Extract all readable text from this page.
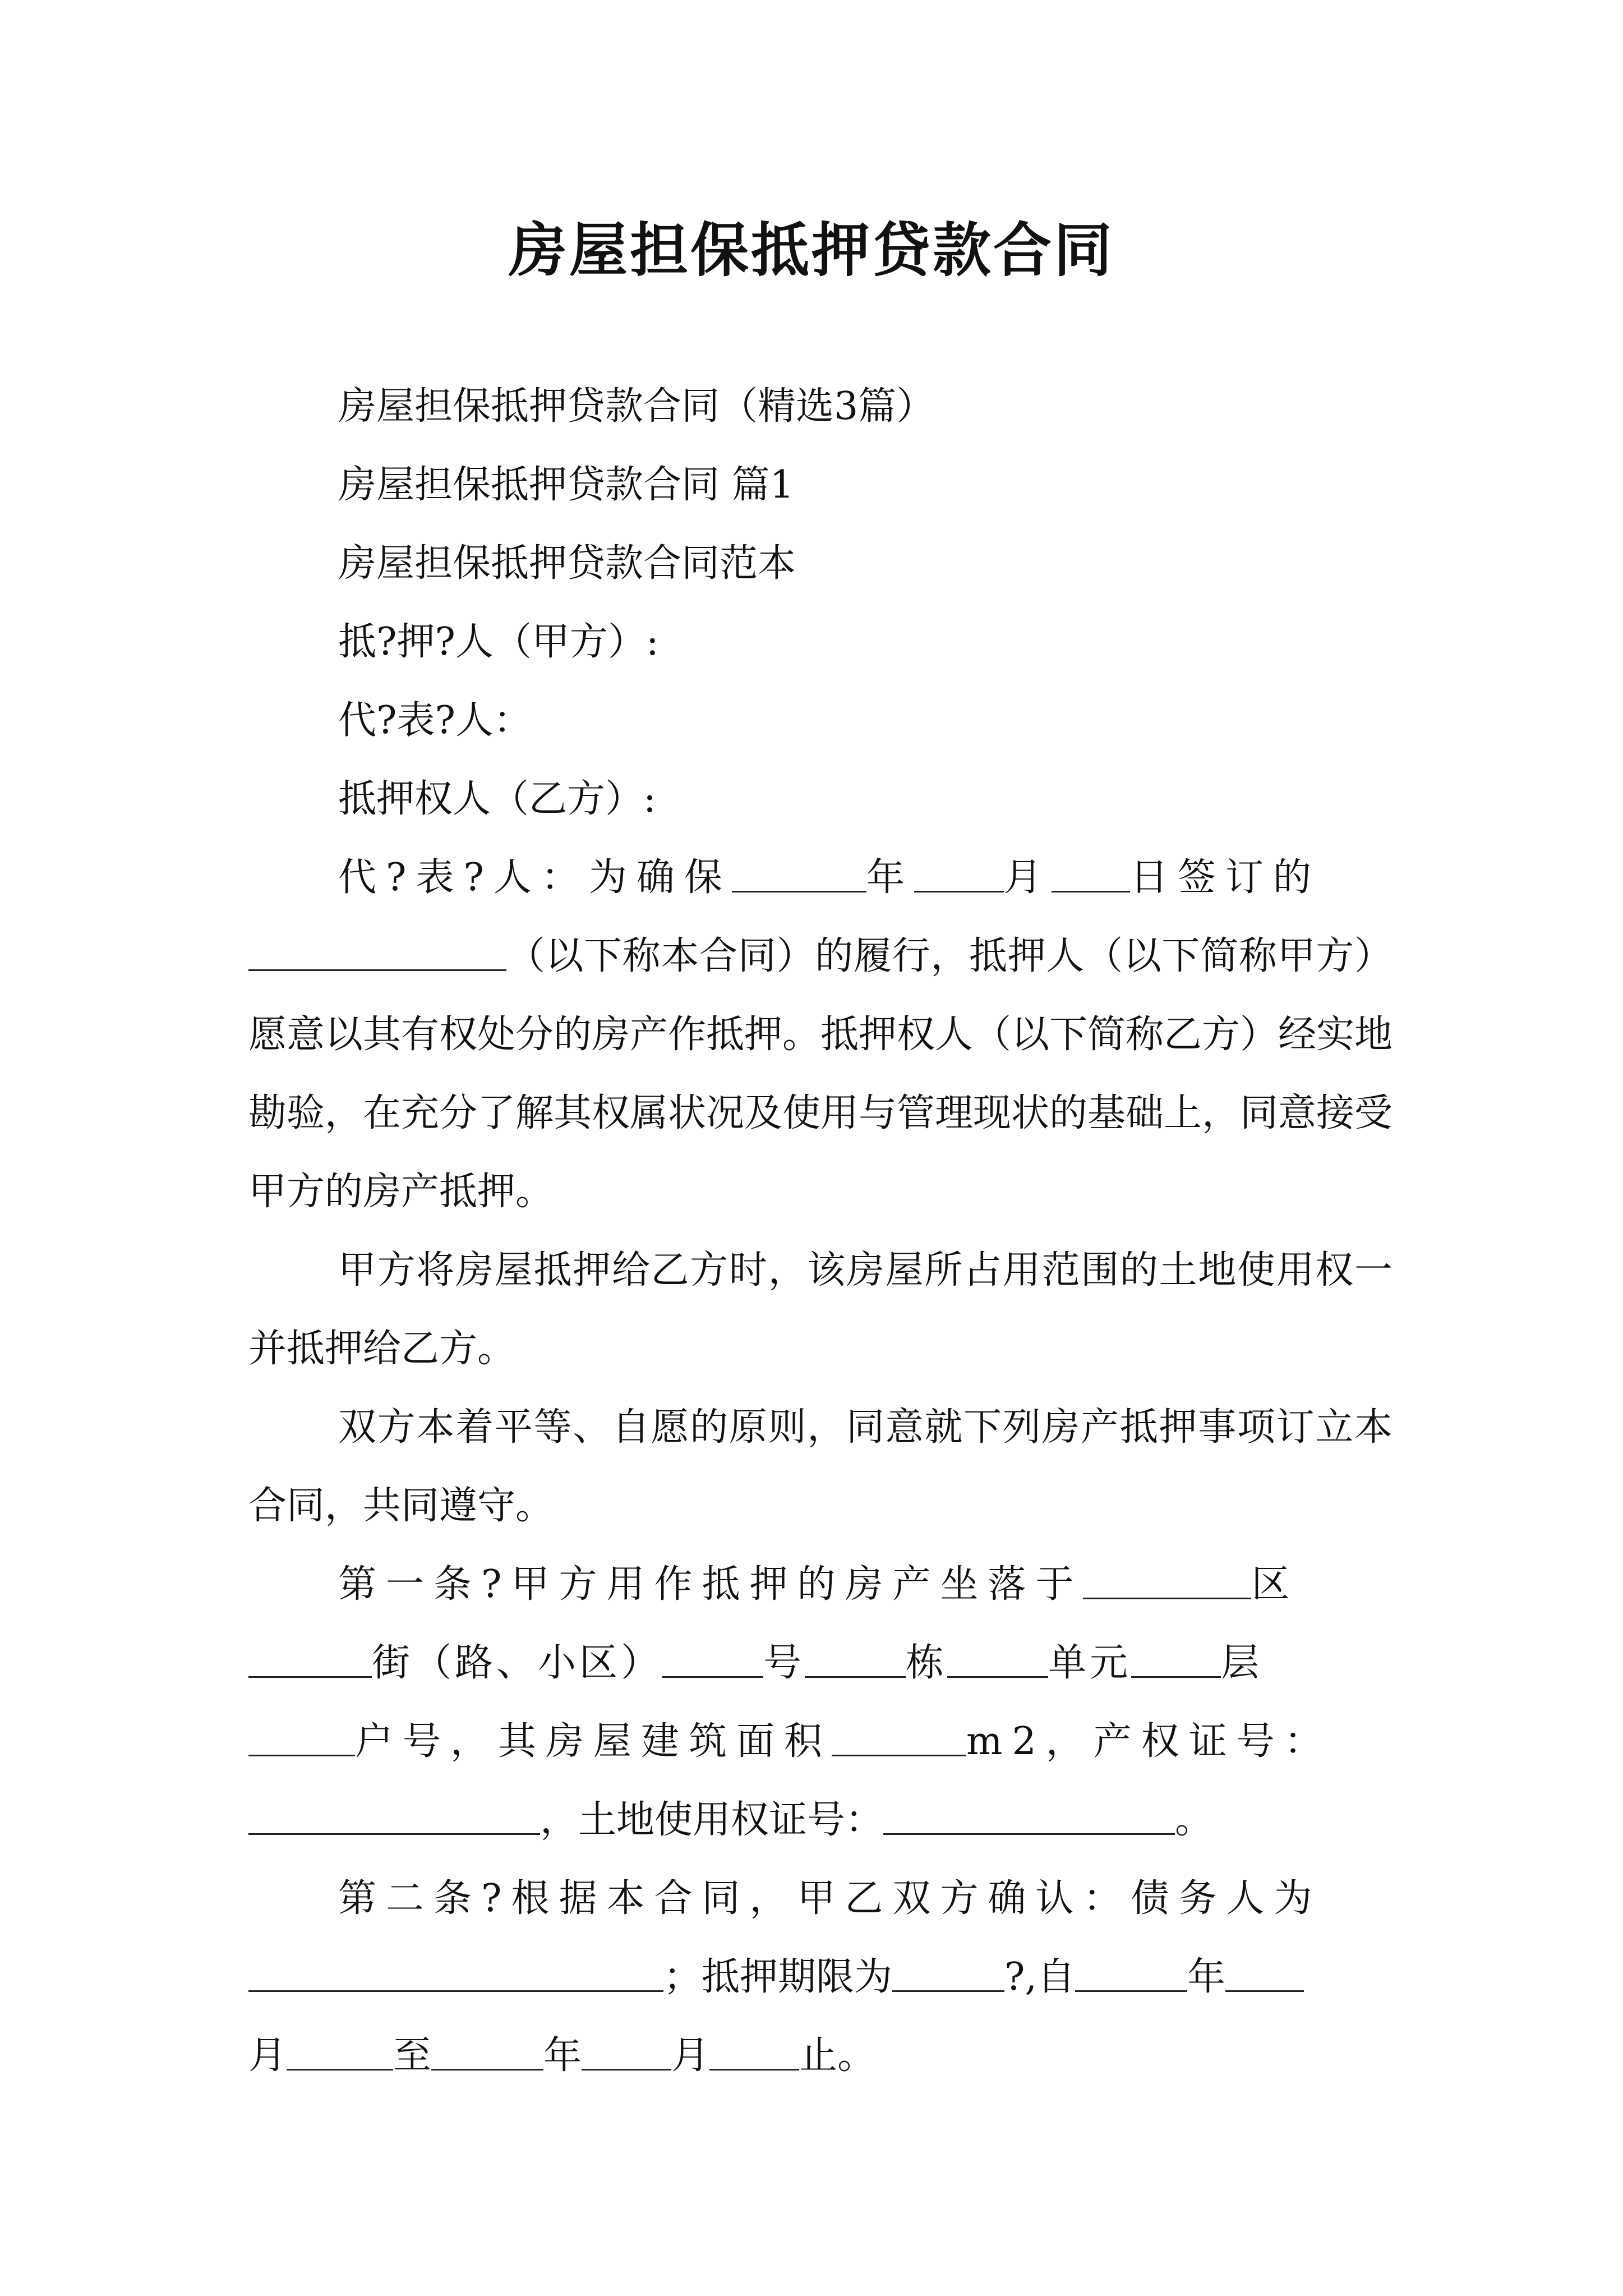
房屋担保抵押贷款合同

房屋担保抵押贷款合同（精选3篇）

房屋担保抵押贷款合同 篇1

房屋担保抵押贷款合同范本

抵?押?人（甲方）:

代?表?人：

抵押权人（乙方）:

代?表?人：为确保	年 月 日签订的

（以下称本合同）的履行，抵押人（以下简称甲方）愿意以其有权处分的房产作抵押。抵押权人（以下简称乙方）经实地勘验，在充分了解其权属状况及使用与管理现状的基础上，同意接受甲方的房产抵押。

甲方将房屋抵押给乙方时，该房屋所占用范围的土地使用权一并抵押给乙方。

双方本着平等、自愿的原则，同意就下列房产抵押事项订立本合同，共同遵守。

第一条?甲方用作抵押的房产坐落于	区

街（路、小区）	号	栋	单元 层

户号，其房屋建筑面积	m2，产权证号：

，土地使用权证号：	。

第二条?根据本合同，甲乙双方确认：债务人为

；抵押期限为	?,自	年

月	至	年 月 止。
